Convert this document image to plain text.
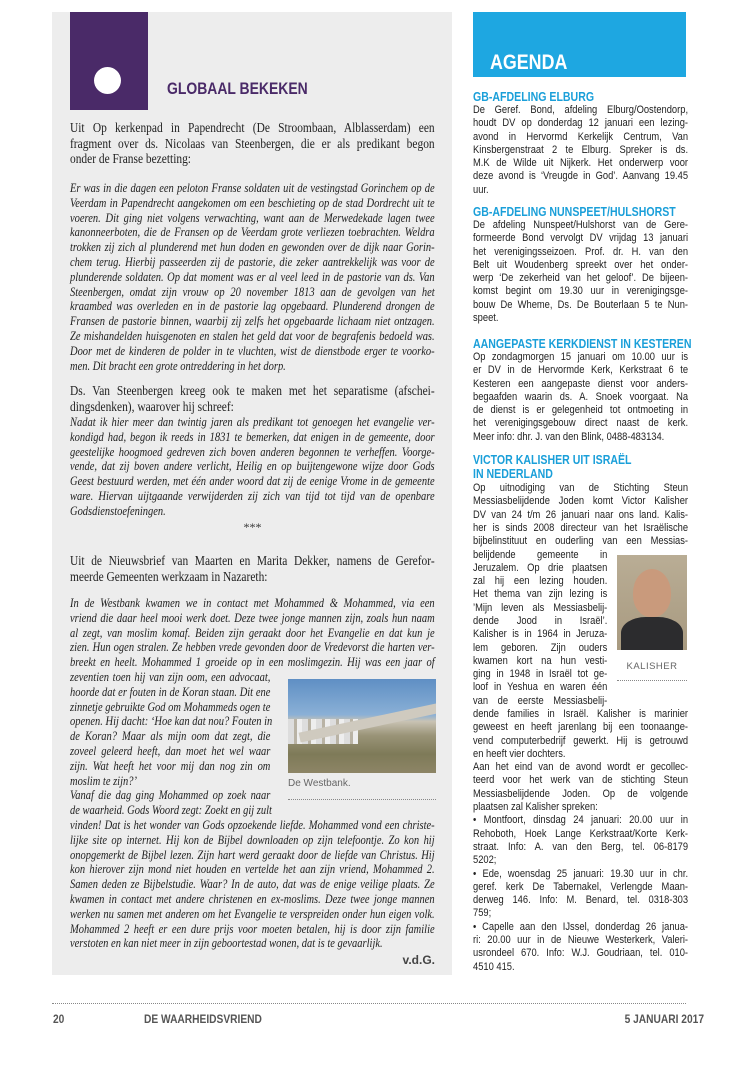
GLOBAAL BEKEKEN
Uit Op kerkenpad in Papendrecht (De Stroombaan, Alblasserdam) een
fragment over ds. Nicolaas van Steenbergen, die er als predikant begon
onder de Franse bezetting:
Er was in die dagen een peloton Franse soldaten uit de vestingstad Gorinchem op de
Veerdam in Papendrecht aangekomen om een beschieting op de stad Dordrecht uit te
voeren. Dit ging niet volgens verwachting, want aan de Merwedekade lagen twee
kanonneerboten, die de Fransen op de Veerdam grote verliezen toebrachten. Weldra
trokken zij zich al plunderend met hun doden en gewonden over de dijk naar Gorin-
chem terug. Hierbij passeerden zij de pastorie, die zeker aantrekkelijk was voor de
plunderende soldaten. Op dat moment was er al veel leed in de pastorie van ds. Van
Steenbergen, omdat zijn vrouw op 20 november 1813 aan de gevolgen van het
kraambed was overleden en in de pastorie lag opgebaard. Plunderend drongen de
Fransen de pastorie binnen, waarbij zij zelfs het opgebaarde lichaam niet ontzagen.
Ze mishandelden huisgenoten en stalen het geld dat voor de begrafenis bedoeld was.
Door met de kinderen de polder in te vluchten, wist de dienstbode erger te voorko-
men. Dit bracht een grote ontreddering in het dorp.
Ds. Van Steenbergen kreeg ook te maken met het separatisme (afschei-
dingsdenken), waarover hij schreef:
Nadat ik hier meer dan twintig jaren als predikant tot genoegen het evangelie ver-
kondigd had, begon ik reeds in 1831 te bemerken, dat enigen in de gemeente, door
geestelijke hoogmoed gedreven zich boven anderen begonnen te verheffen. Voorge-
vende, dat zij boven andere verlicht, Heilig en op buijtengewone wijze door Gods
Geest bestuurd werden, met één ander woord dat zij de eenige Vrome in de gemeente
ware. Hiervan uijtgaande verwijderden zij zich van tijd tot tijd van de openbare
Godsdienstoefeningen.
***
Uit de Nieuwsbrief van Maarten en Marita Dekker, namens de Gerefor-
meerde Gemeenten werkzaam in Nazareth:
In de Westbank kwamen we in contact met Mohammed & Mohammed, via een
vriend die daar heel mooi werk doet. Deze twee jonge mannen zijn, zoals hun naam
al zegt, van moslim komaf. Beiden zijn geraakt door het Evangelie en dat kun je
zien. Hun ogen stralen. Ze hebben vrede gevonden door de Vredevorst die harten ver-
breekt en heelt. Mohammed 1 groeide op in een moslimgezin. Hij was een jaar of
zeventien toen hij van zijn oom, een advocaat,
hoorde dat er fouten in de Koran staan. Dit ene
zinnetje gebruikte God om Mohammeds ogen te
openen. Hij dacht: ‘Hoe kan dat nou? Fouten in
de Koran? Maar als mijn oom dat zegt, die
zoveel geleerd heeft, dan moet het wel waar
zijn. Wat heeft het voor mij dan nog zin om
moslim te zijn?’
Vanaf die dag ging Mohammed op zoek naar
de waarheid. Gods Woord zegt: Zoekt en gij zult
vinden! Dat is het wonder van Gods opzoekende liefde. Mohammed vond een christe-
lijke site op internet. Hij kon de Bijbel downloaden op zijn telefoontje. Zo kon hij
onopgemerkt de Bijbel lezen. Zijn hart werd geraakt door de liefde van Christus. Hij
kon hierover zijn mond niet houden en vertelde het aan zijn vriend, Mohammed 2.
Samen deden ze Bijbelstudie. Waar? In de auto, dat was de enige veilige plaats. Ze
kwamen in contact met andere christenen en ex-moslims. Deze twee jonge mannen
werken nu samen met anderen om het Evangelie te verspreiden onder hun eigen volk.
Mohammed 2 heeft er een dure prijs voor moeten betalen, hij is door zijn familie
verstoten en kan niet meer in zijn geboortestad wonen, dat is te gevaarlijk.
v.d.G.
De Westbank.
AGENDA
GB-AFDELING ELBURG
De Geref. Bond, afdeling Elburg/Oostendorp,
houdt DV op donderdag 12 januari een lezing-
avond in Hervormd Kerkelijk Centrum, Van
Kinsbergenstraat 2 te Elburg. Spreker is ds.
M.K de Wilde uit Nijkerk. Het onderwerp voor
deze avond is ‘Vreugde in God’. Aanvang 19.45
uur.
GB-AFDELING NUNSPEET/HULSHORST
De afdeling Nunspeet/Hulshorst van de Gere-
formeerde Bond vervolgt DV vrijdag 13 januari
het verenigingsseizoen. Prof. dr. H. van den
Belt uit Woudenberg spreekt over het onder-
werp ‘De zekerheid van het geloof’. De bijeen-
komst begint om 19.30 uur in verenigingsge-
bouw De Wheme, Ds. De Bouterlaan 5 te Nun-
speet.
AANGEPASTE KERKDIENST IN KESTEREN
Op zondagmorgen 15 januari om 10.00 uur is
er DV in de Hervormde Kerk, Kerkstraat 6 te
Kesteren een aangepaste dienst voor anders-
begaafden waarin ds. A. Snoek voorgaat. Na
de dienst is er gelegenheid tot ontmoeting in
het verenigingsgebouw direct naast de kerk.
Meer info: dhr. J. van den Blink, 0488-483134.
VICTOR KALISHER UIT ISRAËL
IN NEDERLAND
Op uitnodiging van de Stichting Steun
Messiasbelijdende Joden komt Victor Kalisher
DV van 24 t/m 26 januari naar ons land. Kalis-
her is sinds 2008 directeur van het Israëlische
bijbelinstituut en ouderling van een Messias-
belijdende gemeente in
Jeruzalem. Op drie plaatsen
zal hij een lezing houden.
Het thema van zijn lezing is
’Mijn leven als Messiasbelij-
dende Jood in Israël’.
Kalisher is in 1964 in Jeruza-
lem geboren. Zijn ouders
kwamen kort na hun vesti-
ging in 1948 in Israël tot ge-
loof in Yeshua en waren één
van de eerste Messiasbelij-
dende families in Israël. Kalisher is marinier
geweest en heeft jarenlang bij een toonaange-
vend computerbedrijf gewerkt. Hij is getrouwd
en heeft vier dochters.
Aan het eind van de avond wordt er gecollec-
teerd voor het werk van de stichting Steun
Messiasbelijdende Joden. Op de volgende
plaatsen zal Kalisher spreken:
• Montfoort, dinsdag 24 januari: 20.00 uur in
Rehoboth, Hoek Lange Kerkstraat/Korte Kerk-
straat. Info: A. van den Berg, tel. 06-8179
5202;
• Ede, woensdag 25 januari: 19.30 uur in chr.
geref. kerk De Tabernakel, Verlengde Maan-
derweg 146. Info: M. Benard, tel. 0318-303
759;
• Capelle aan den IJssel, donderdag 26 janua-
ri: 20.00 uur in de Nieuwe Westerkerk, Valeri-
usrondeel 670. Info: W.J. Goudriaan, tel. 010-
4510 415.
KALISHER
20	DE WAARHEIDSVRIEND	5 JANUARI 2017
